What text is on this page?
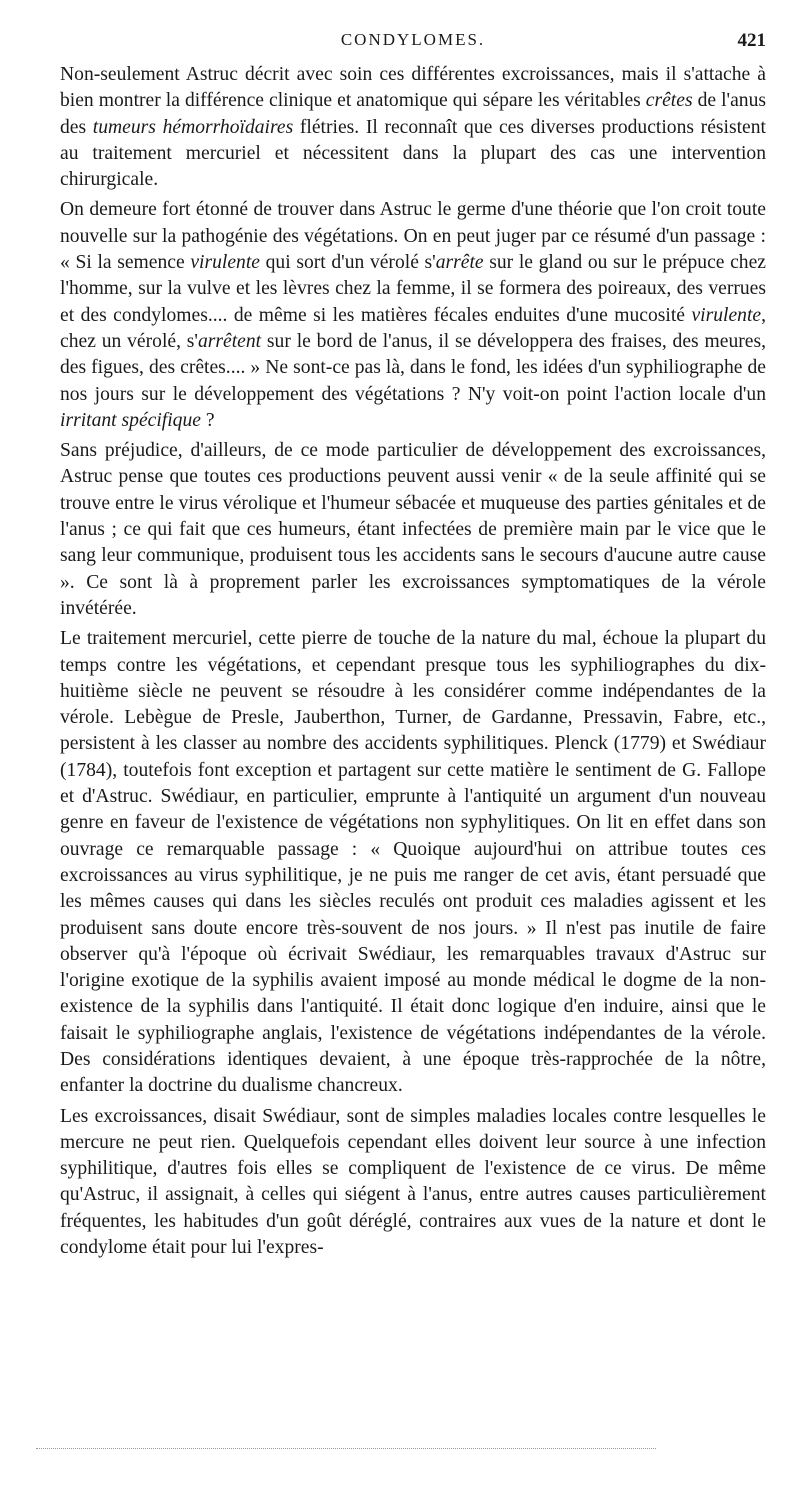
CONDYLOMES.	421

Non-seulement Astruc décrit avec soin ces différentes excroissances, mais il s'attache à bien montrer la différence clinique et anatomique qui sépare les véritables crêtes de l'anus des tumeurs hémorrhoïdaires flétries. Il reconnaît que ces diverses productions résistent au traitement mercuriel et nécessitent dans la plupart des cas une intervention chirurgicale.

On demeure fort étonné de trouver dans Astruc le germe d'une théorie que l'on croit toute nouvelle sur la pathogénie des végétations. On en peut juger par ce résumé d'un passage : « Si la semence virulente qui sort d'un vérolé s'arrête sur le gland ou sur le prépuce chez l'homme, sur la vulve et les lèvres chez la femme, il se formera des poireaux, des verrues et des condylomes.... de même si les matières fécales enduites d'une mucosité virulente, chez un vérolé, s'arrêtent sur le bord de l'anus, il se développera des fraises, des meures, des figues, des crêtes.... » Ne sont-ce pas là, dans le fond, les idées d'un syphiliographe de nos jours sur le développement des végétations ? N'y voit-on point l'action locale d'un irritant spécifique ?

Sans préjudice, d'ailleurs, de ce mode particulier de développement des excroissances, Astruc pense que toutes ces productions peuvent aussi venir « de la seule affinité qui se trouve entre le virus vérolique et l'humeur sébacée et muqueuse des parties génitales et de l'anus ; ce qui fait que ces humeurs, étant infectées de première main par le vice que le sang leur communique, produisent tous les accidents sans le secours d'aucune autre cause ». Ce sont là à proprement parler les excroissances symptomatiques de la vérole invétérée.

Le traitement mercuriel, cette pierre de touche de la nature du mal, échoue la plupart du temps contre les végétations, et cependant presque tous les syphiliographes du dix-huitième siècle ne peuvent se résoudre à les considérer comme indépendantes de la vérole. Lebègue de Presle, Jauberthon, Turner, de Gardanne, Pressavin, Fabre, etc., persistent à les classer au nombre des accidents syphilitiques. Plenck (1779) et Swédiaur (1784), toutefois font exception et partagent sur cette matière le sentiment de G. Fallope et d'Astruc. Swédiaur, en particulier, emprunte à l'antiquité un argument d'un nouveau genre en faveur de l'existence de végétations non syphylitiques. On lit en effet dans son ouvrage ce remarquable passage : « Quoique aujourd'hui on attribue toutes ces excroissances au virus syphilitique, je ne puis me ranger de cet avis, étant persuadé que les mêmes causes qui dans les siècles reculés ont produit ces maladies agissent et les produisent sans doute encore très-souvent de nos jours. » Il n'est pas inutile de faire observer qu'à l'époque où écrivait Swédiaur, les remarquables travaux d'Astruc sur l'origine exotique de la syphilis avaient imposé au monde médical le dogme de la non-existence de la syphilis dans l'antiquité. Il était donc logique d'en induire, ainsi que le faisait le syphiliographe anglais, l'existence de végétations indépendantes de la vérole. Des considérations identiques devaient, à une époque très-rapprochée de la nôtre, enfanter la doctrine du dualisme chancreux.

Les excroissances, disait Swédiaur, sont de simples maladies locales contre lesquelles le mercure ne peut rien. Quelquefois cependant elles doivent leur source à une infection syphilitique, d'autres fois elles se compliquent de l'existence de ce virus. De même qu'Astruc, il assignait, à celles qui siégent à l'anus, entre autres causes particulièrement fréquentes, les habitudes d'un goût déréglé, contraires aux vues de la nature et dont le condylome était pour lui l'expres-
